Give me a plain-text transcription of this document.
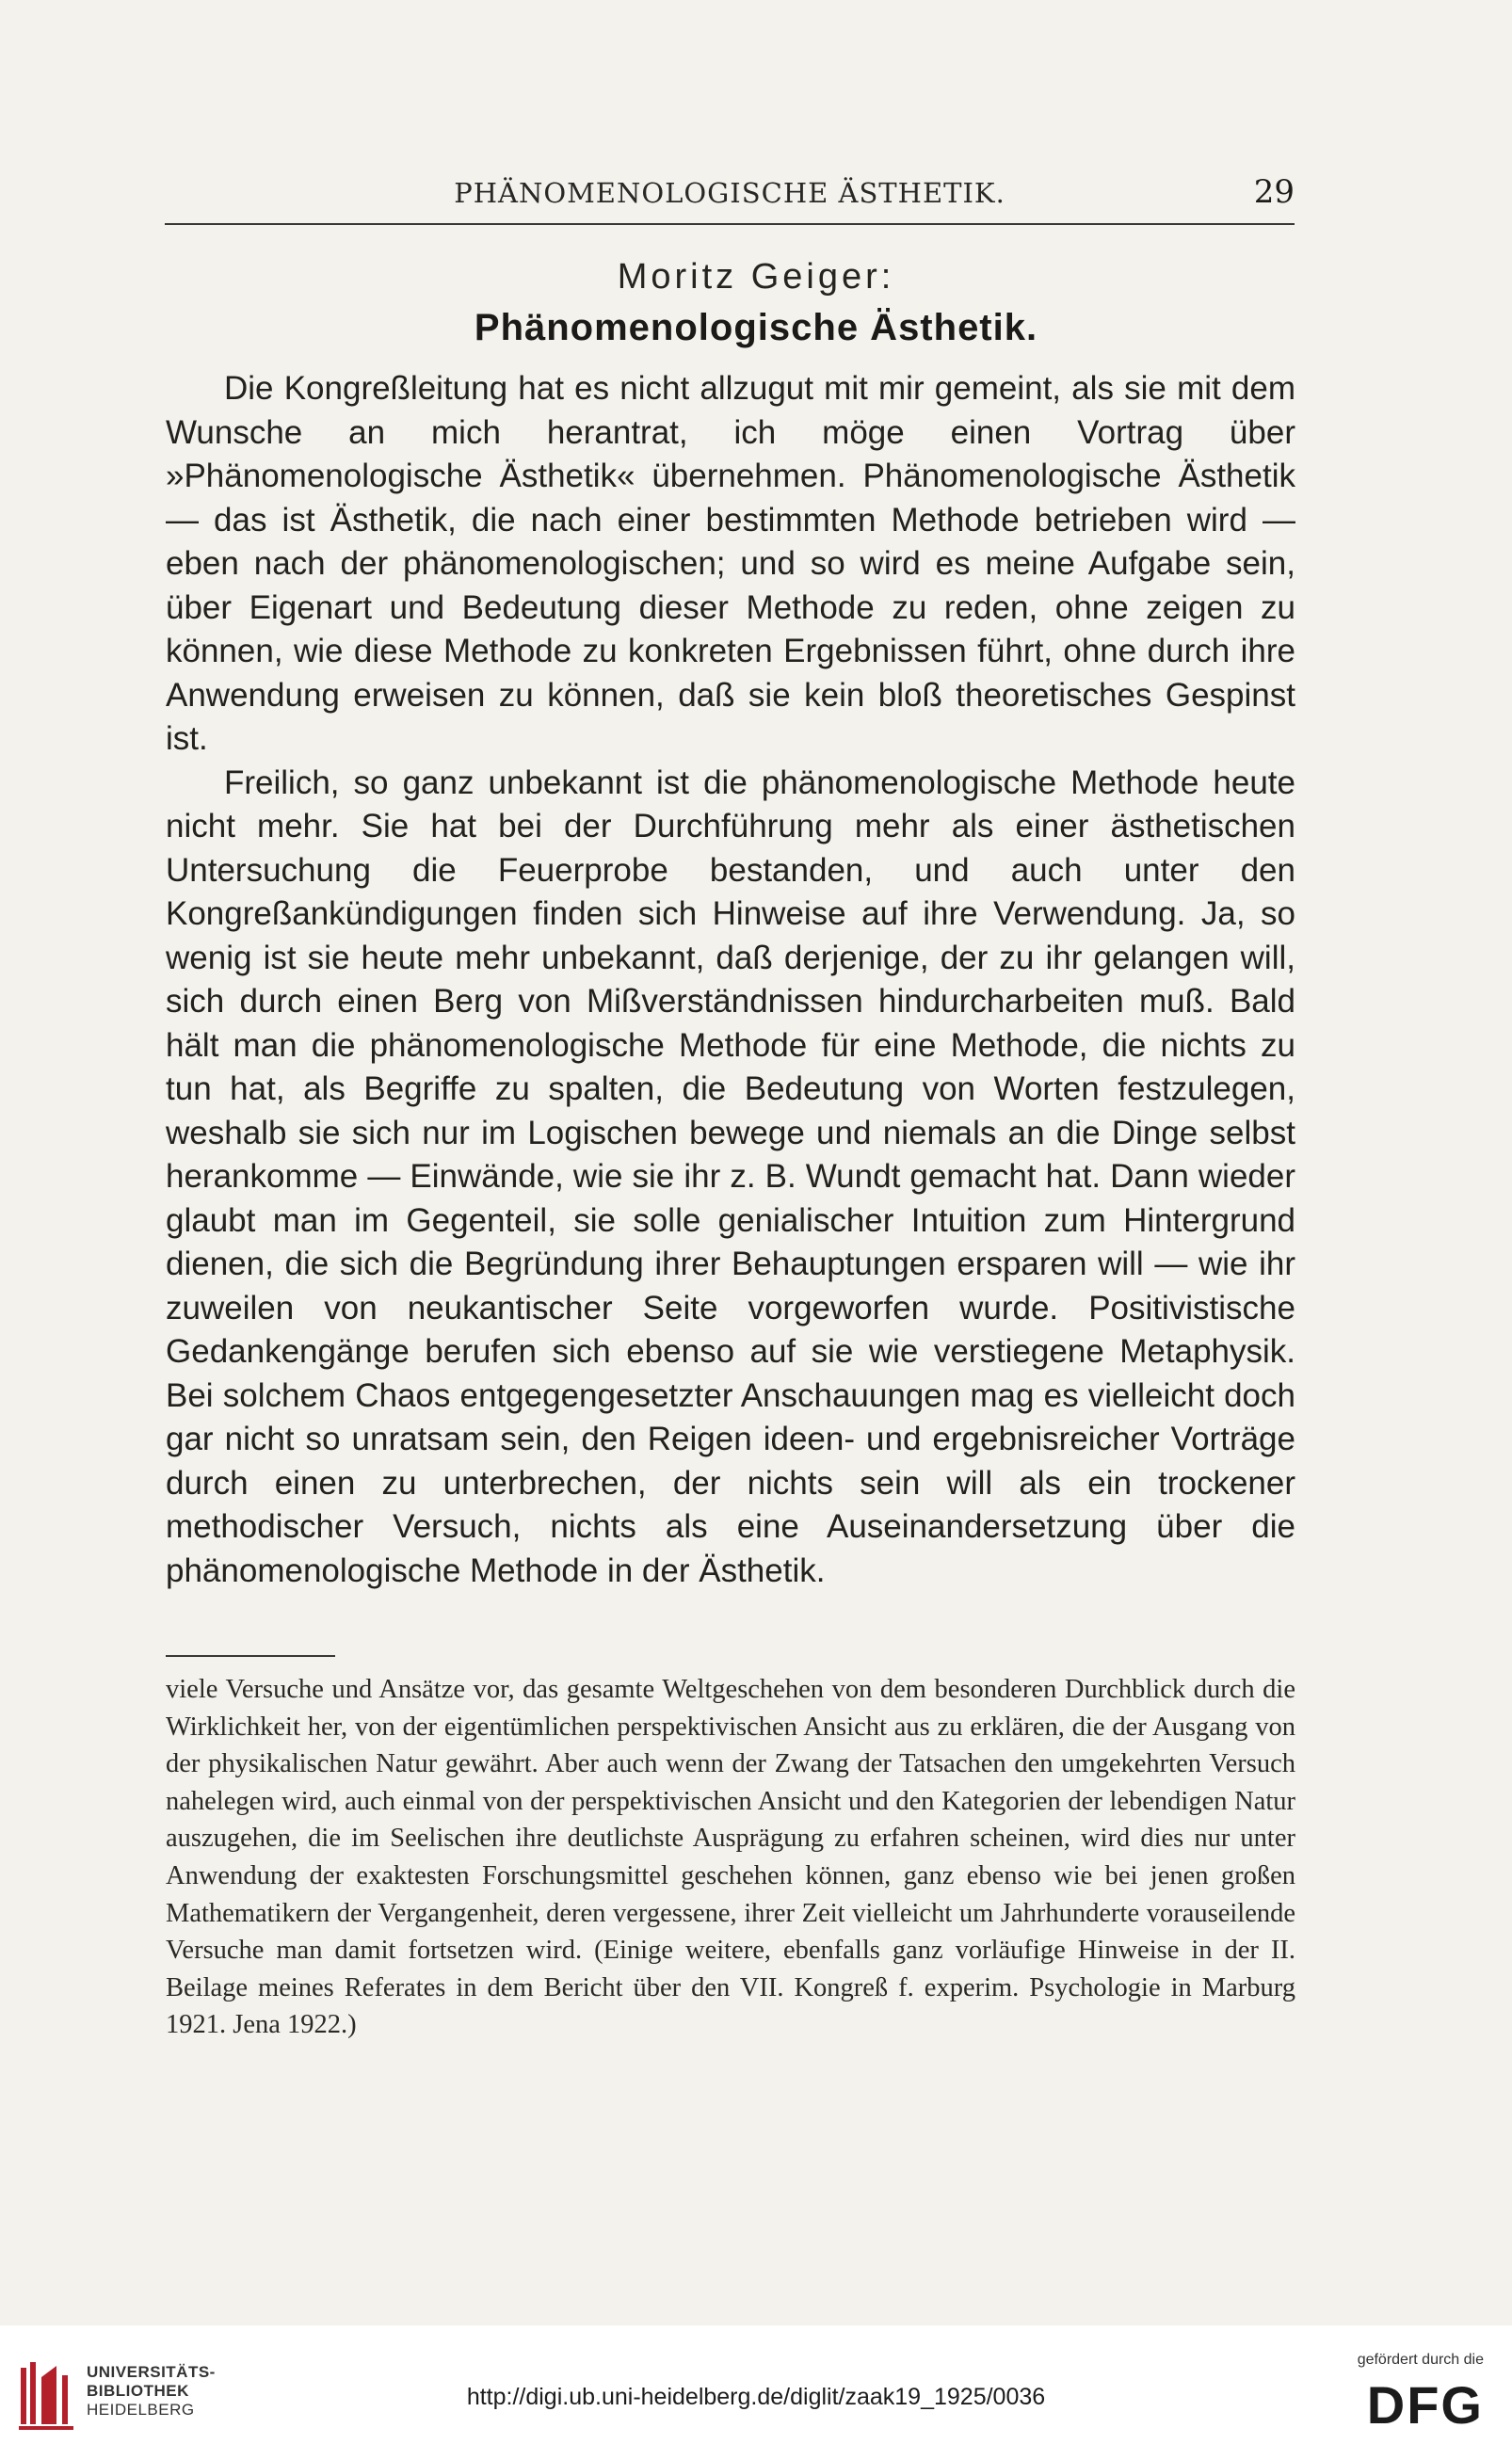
PHÄNOMENOLOGISCHE ÄSTHETIK.	29
Moritz Geiger:
Phänomenologische Ästhetik.

Die Kongreßleitung hat es nicht allzugut mit mir gemeint, als sie mit dem Wunsche an mich herantrat, ich möge einen Vortrag über »Phänomenologische Ästhetik« übernehmen. Phänomenologische Ästhetik — das ist Ästhetik, die nach einer bestimmten Methode betrieben wird — eben nach der phänomenologischen; und so wird es meine Aufgabe sein, über Eigenart und Bedeutung dieser Methode zu reden, ohne zeigen zu können, wie diese Methode zu konkreten Ergebnissen führt, ohne durch ihre Anwendung erweisen zu können, daß sie kein bloß theoretisches Gespinst ist.

Freilich, so ganz unbekannt ist die phänomenologische Methode heute nicht mehr. Sie hat bei der Durchführung mehr als einer ästhetischen Untersuchung die Feuerprobe bestanden, und auch unter den Kongreßankündigungen finden sich Hinweise auf ihre Verwendung. Ja, so wenig ist sie heute mehr unbekannt, daß derjenige, der zu ihr gelangen will, sich durch einen Berg von Mißverständnissen hindurcharbeiten muß. Bald hält man die phänomenologische Methode für eine Methode, die nichts zu tun hat, als Begriffe zu spalten, die Bedeutung von Worten festzulegen, weshalb sie sich nur im Logischen bewege und niemals an die Dinge selbst herankomme — Einwände, wie sie ihr z. B. Wundt gemacht hat. Dann wieder glaubt man im Gegenteil, sie solle genialischer Intuition zum Hintergrund dienen, die sich die Begründung ihrer Behauptungen ersparen will — wie ihr zuweilen von neukantischer Seite vorgeworfen wurde. Positivistische Gedankengänge berufen sich ebenso auf sie wie verstiegene Metaphysik. Bei solchem Chaos entgegengesetzter Anschauungen mag es vielleicht doch gar nicht so unratsam sein, den Reigen ideen- und ergebnisreicher Vorträge durch einen zu unterbrechen, der nichts sein will als ein trockener methodischer Versuch, nichts als eine Auseinandersetzung über die phänomenologische Methode in der Ästhetik.

viele Versuche und Ansätze vor, das gesamte Weltgeschehen von dem besonderen Durchblick durch die Wirklichkeit her, von der eigentümlichen perspektivischen Ansicht aus zu erklären, die der Ausgang von der physikalischen Natur gewährt. Aber auch wenn der Zwang der Tatsachen den umgekehrten Versuch nahelegen wird, auch einmal von der perspektivischen Ansicht und den Kategorien der lebendigen Natur auszugehen, die im Seelischen ihre deutlichste Ausprägung zu erfahren scheinen, wird dies nur unter Anwendung der exaktesten Forschungsmittel geschehen können, ganz ebenso wie bei jenen großen Mathematikern der Vergangenheit, deren vergessene, ihrer Zeit vielleicht um Jahrhunderte vorauseilende Versuche man damit fortsetzen wird. (Einige weitere, ebenfalls ganz vorläufige Hinweise in der II. Beilage meines Referates in dem Bericht über den VII. Kongreß f. experim. Psychologie in Marburg 1921. Jena 1922.)

UNIVERSITÄTS-
BIBLIOTHEK
HEIDELBERG	http://digi.ub.uni-heidelberg.de/diglit/zaak19_1925/0036
gefördert durch die
DFG
